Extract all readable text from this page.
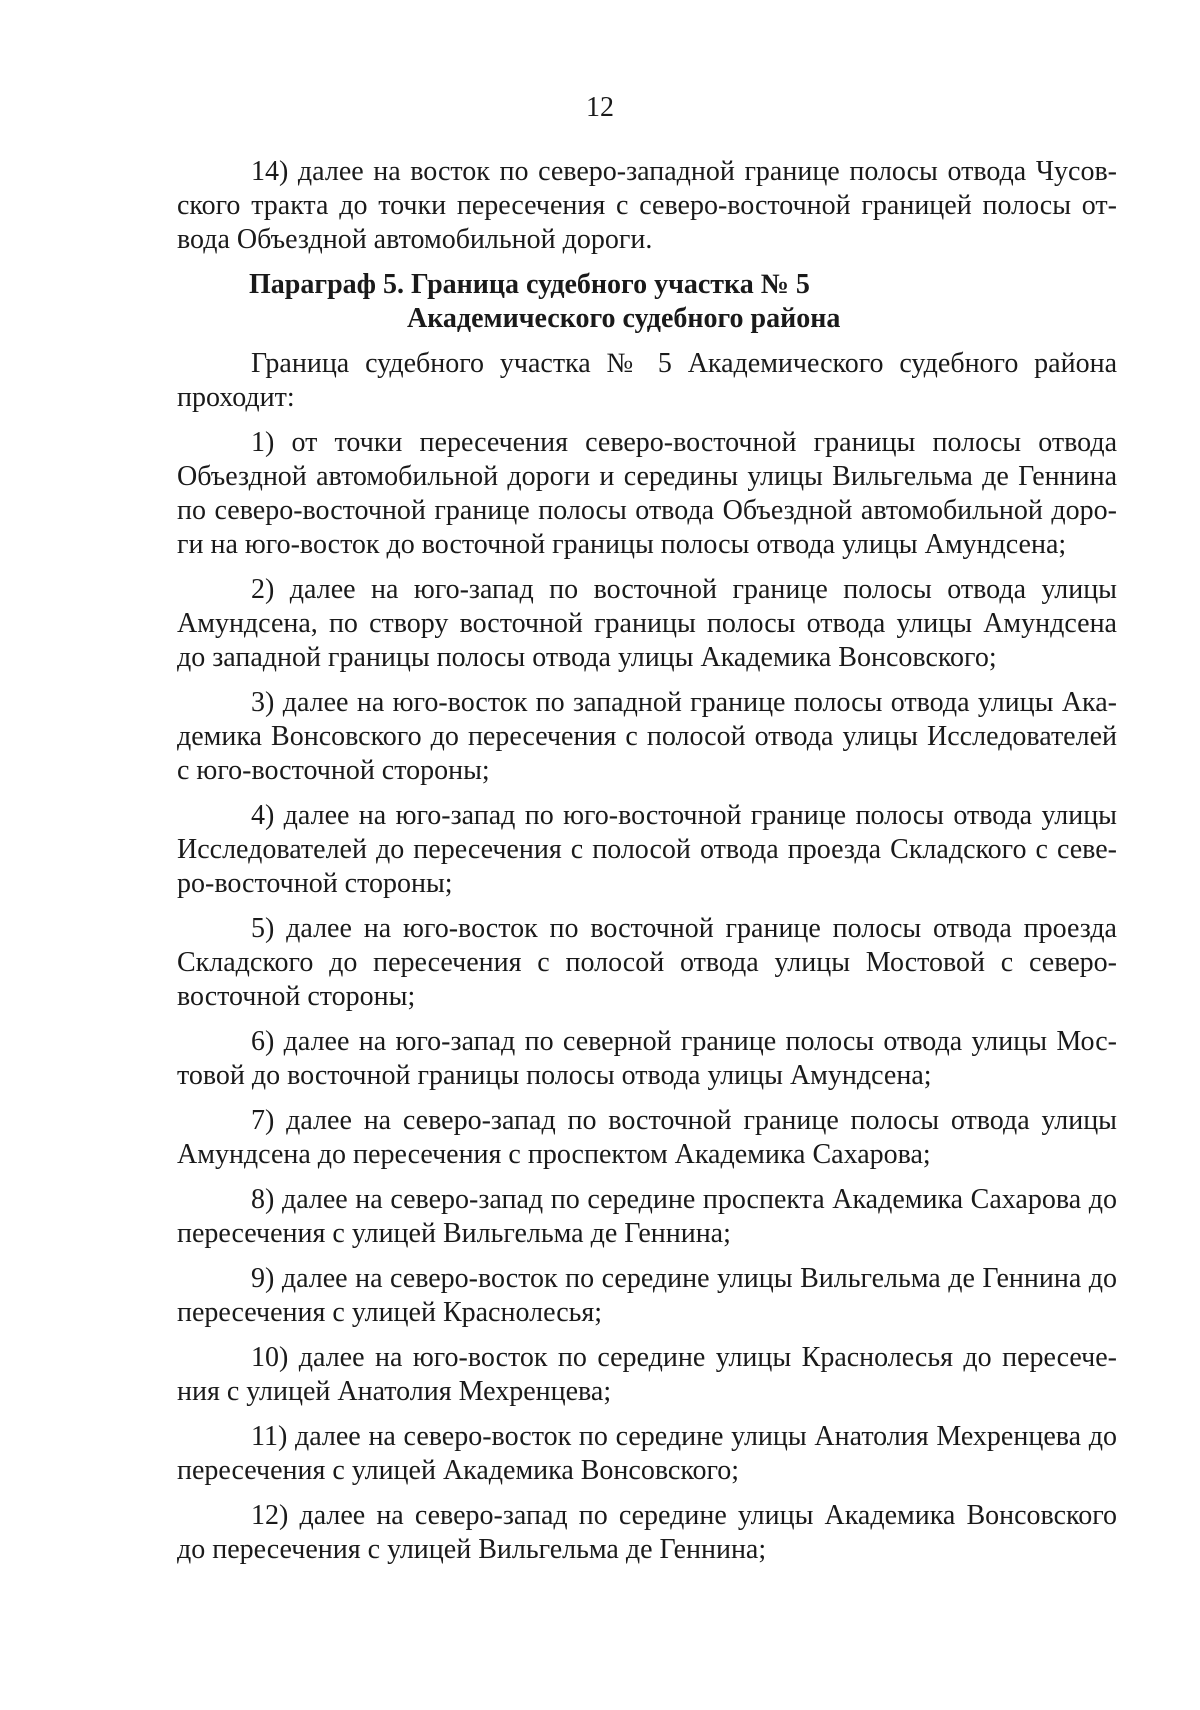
12

14) далее на восток по северо-западной границе полосы отвода Чусовского тракта до точки пересечения с северо-восточной границей полосы отвода Объездной автомобильной дороги.

Параграф 5. Граница судебного участка № 5
Академического судебного района

Граница судебного участка № 5 Академического судебного района проходит:

1) от точки пересечения северо-восточной границы полосы отвода Объездной автомобильной дороги и середины улицы Вильгельма де Геннина по северо-восточной границе полосы отвода Объездной автомобильной дороги на юго-восток до восточной границы полосы отвода улицы Амундсена;

2) далее на юго-запад по восточной границе полосы отвода улицы Амундсена, по створу восточной границы полосы отвода улицы Амундсена до западной границы полосы отвода улицы Академика Вонсовского;

3) далее на юго-восток по западной границе полосы отвода улицы Академика Вонсовского до пересечения с полосой отвода улицы Исследователей с юго-восточной стороны;

4) далее на юго-запад по юго-восточной границе полосы отвода улицы Исследователей до пересечения с полосой отвода проезда Складского с северо-восточной стороны;

5) далее на юго-восток по восточной границе полосы отвода проезда Складского до пересечения с полосой отвода улицы Мостовой с северо-восточной стороны;

6) далее на юго-запад по северной границе полосы отвода улицы Мостовой до восточной границы полосы отвода улицы Амундсена;

7) далее на северо-запад по восточной границе полосы отвода улицы Амундсена до пересечения с проспектом Академика Сахарова;

8) далее на северо-запад по середине проспекта Академика Сахарова до пересечения с улицей Вильгельма де Геннина;

9) далее на северо-восток по середине улицы Вильгельма де Геннина до пересечения с улицей Краснолесья;

10) далее на юго-восток по середине улицы Краснолесья до пересечения с улицей Анатолия Мехренцева;

11) далее на северо-восток по середине улицы Анатолия Мехренцева до пересечения с улицей Академика Вонсовского;

12) далее на северо-запад по середине улицы Академика Вонсовского до пересечения с улицей Вильгельма де Геннина;
